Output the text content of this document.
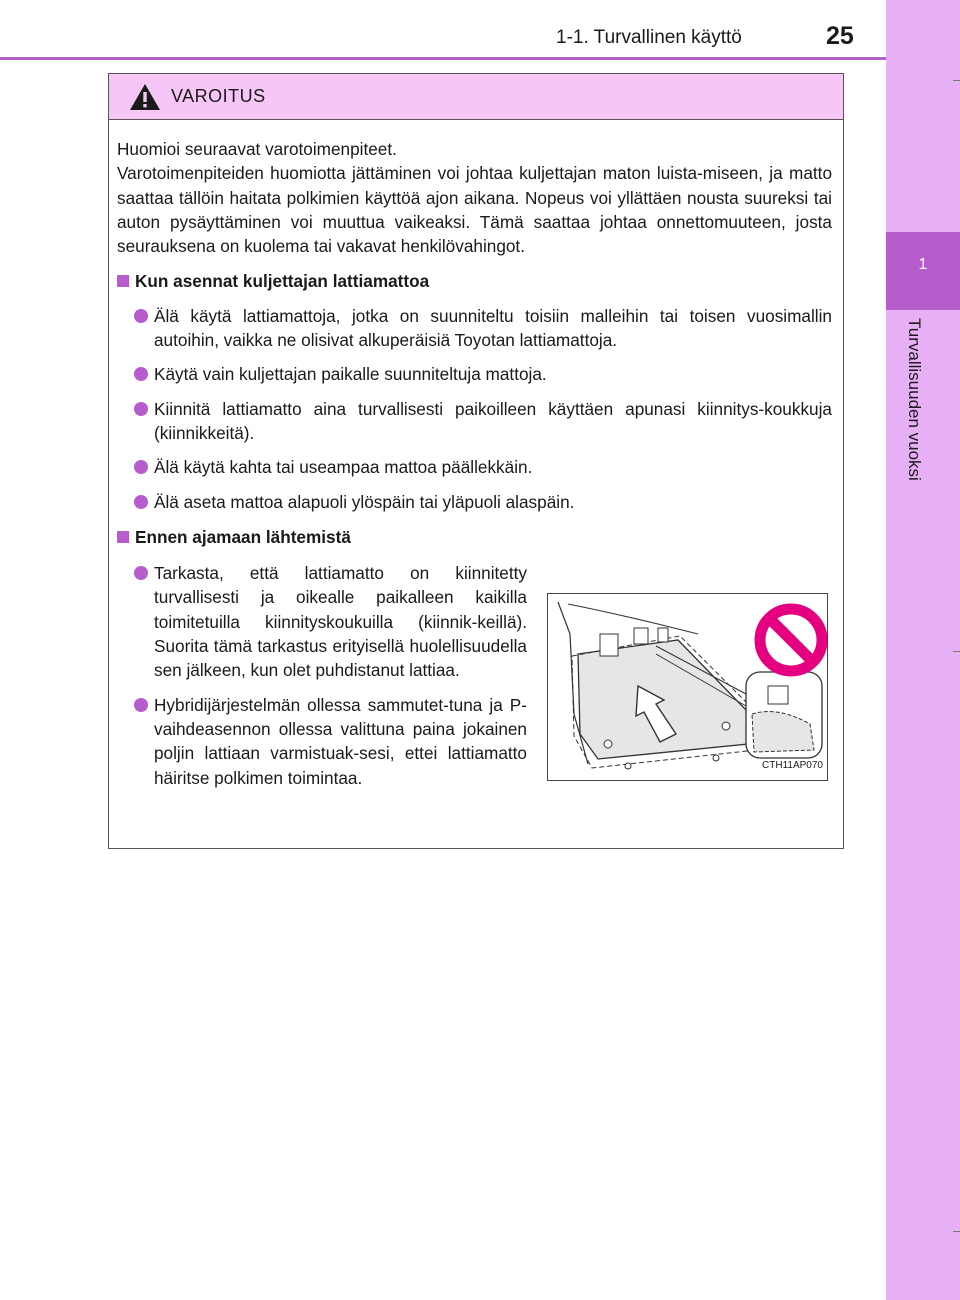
1-1. Turvallinen käyttö	25
1
Turvallisuuden vuoksi
VAROITUS

Huomioi seuraavat varotoimenpiteet.

Varotoimenpiteiden huomiotta jättäminen voi johtaa kuljettajan maton luista-miseen, ja matto saattaa tällöin haitata polkimien käyttöä ajon aikana. Nopeus voi yllättäen nousta suureksi tai auton pysäyttäminen voi muuttua vaikeaksi. Tämä saattaa johtaa onnettomuuteen, josta seurauksena on kuolema tai vakavat henkilövahingot.

Kun asennat kuljettajan lattiamattoa
Älä käytä lattiamattoja, jotka on suunniteltu toisiin malleihin tai toisen vuosimallin autoihin, vaikka ne olisivat alkuperäisiä Toyotan lattiamattoja.
Käytä vain kuljettajan paikalle suunniteltuja mattoja.
Kiinnitä lattiamatto aina turvallisesti paikoilleen käyttäen apunasi kiinnitys-koukkuja (kiinnikkeitä).
Älä käytä kahta tai useampaa mattoa päällekkäin.
Älä aseta mattoa alapuoli ylöspäin tai yläpuoli alaspäin.
Ennen ajamaan lähtemistä
Tarkasta, että lattiamatto on kiinnitetty turvallisesti ja oikealle paikalleen kaikilla toimitetuilla kiinnityskoukuilla (kiinnik-keillä). Suorita tämä tarkastus erityisellä huolellisuudella sen jälkeen, kun olet puhdistanut lattiaa.
Hybridijärjestelmän ollessa sammutet-tuna ja P-vaihdeasennon ollessa valittuna paina jokainen poljin lattiaan varmistuak-sesi, ettei lattiamatto häiritse polkimen toimintaa.
CTH11AP070
